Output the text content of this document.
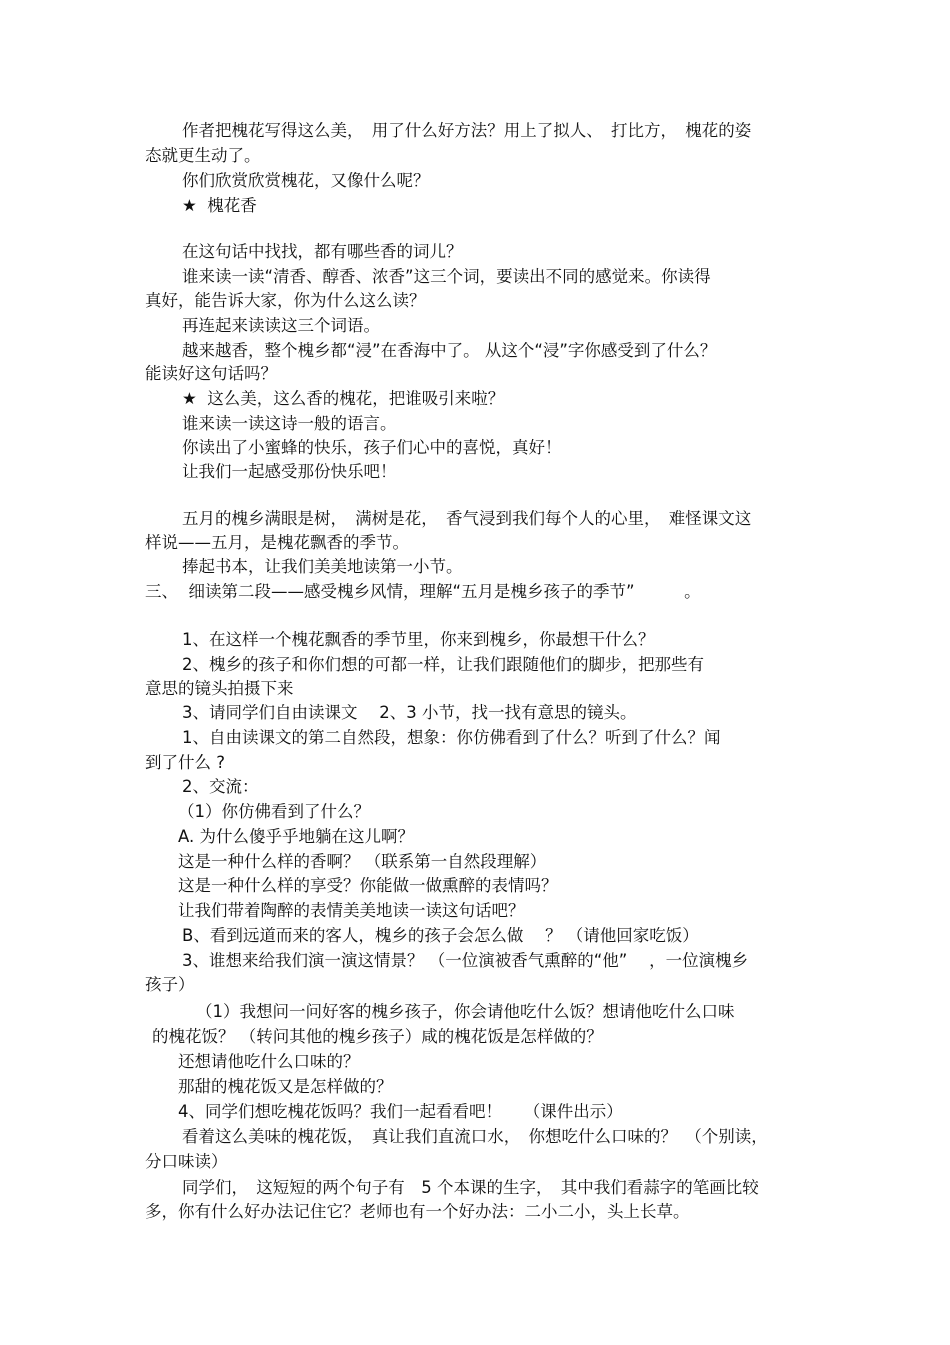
作者把槐花写得这么美，　用了什么好方法？用上了拟人、　打比方，　槐花的姿

态就更生动了。

你们欣赏欣赏槐花，又像什么呢？

★  槐花香

在这句话中找找，都有哪些香的词儿？

谁来读一读“清香、醇香、浓香”这三个词，要读出不同的感觉来。你读得

真好，能告诉大家，你为什么这么读？

再连起来读读这三个词语。

越来越香，整个槐乡都“浸”在香海中了。 从这个“浸”字你感受到了什么？

能读好这句话吗？

★  这么美，这么香的槐花，把谁吸引来啦？

谁来读一读这诗一般的语言。

你读出了小蜜蜂的快乐，孩子们心中的喜悦，真好！

让我们一起感受那份快乐吧！

五月的槐乡满眼是树，　满树是花，　香气浸到我们每个人的心里，　难怪课文这

样说——五月，是槐花飘香的季节。

捧起书本，让我们美美地读第一小节。

三、  细读第二段——感受槐乡风情，理解“五月是槐乡孩子的季节”　　　。

1、在这样一个槐花飘香的季节里，你来到槐乡，你最想干什么？

2、槐乡的孩子和你们想的可都一样，让我们跟随他们的脚步，把那些有

意思的镜头拍摄下来

3、请同学们自由读课文　 2、3 小节，找一找有意思的镜头。

1、自由读课文的第二自然段，想象：你仿佛看到了什么？听到了什么？闻

到了什么 ?

2、交流：

（1）你仿佛看到了什么？

A. 为什么傻乎乎地躺在这儿啊？

这是一种什么样的香啊？ （联系第一自然段理解）

这是一种什么样的享受？你能做一做熏醉的表情吗？

让我们带着陶醉的表情美美地读一读这句话吧？

B、看到远道而来的客人，槐乡的孩子会怎么做　 ？ （请他回家吃饭）

3、谁想来给我们演一演这情景？ （一位演被香气熏醉的“他”　 ，一位演槐乡

孩子）

（1）我想问一问好客的槐乡孩子，你会请他吃什么饭？想请他吃什么口味

的槐花饭？ （转问其他的槐乡孩子）咸的槐花饭是怎样做的？

还想请他吃什么口味的？

那甜的槐花饭又是怎样做的？

4、同学们想吃槐花饭吗？我们一起看看吧！　 （课件出示）

看着这么美味的槐花饭，　真让我们直流口水，　你想吃什么口味的？　（个别读，

分口味读）

同学们，　这短短的两个句子有　5 个本课的生字，　其中我们看蒜字的笔画比较

多，你有什么好办法记住它？老师也有一个好办法：二小二小，头上长草。
